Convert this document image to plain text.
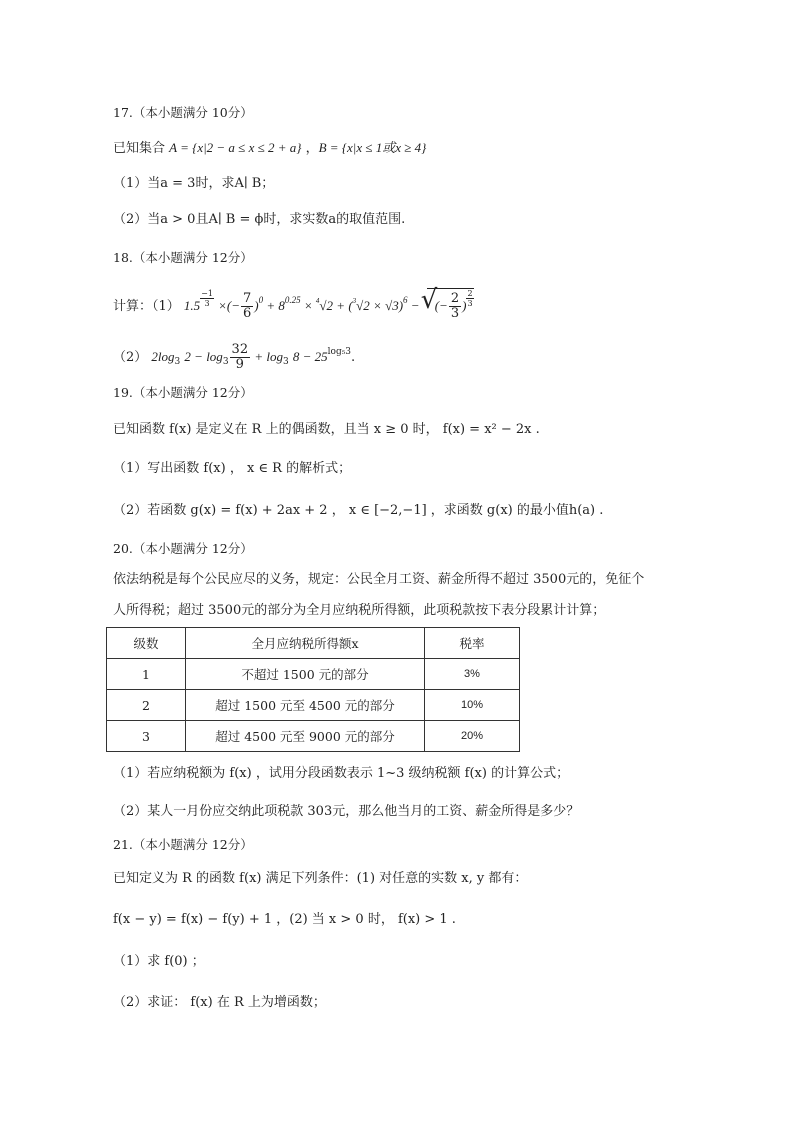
17.（本小题满分 10分）
已知集合 A = {x|2 − a ≤ x ≤ 2 + a} ，B = {x|x ≤ 1或x ≥ 4}
（1）当a = 3时，求A∣ B；
（2）当a > 0且A∣ B = ϕ时，求实数a的取值范围.
18.（本小题满分 12分）
计算：（1） $1.5 \frac{-1}{3}$ ×(− $\frac{7}{6} )^0 + 8^{0.25} \times ^4√2 + (^3√2 \times √3)^6$ − √ (− $\frac{2}{3}$ ) $\frac{2}{3}$
（2） $2\log_3$ $2 - \log_3 \frac{32}{9} + \log_3 8 - 25^{log_53}$.
19.（本小题满分 12分）
已知函数 f(x) 是定义在 R 上的偶函数，且当 x ≥ 0 时， f(x) = x² − 2x .
（1）写出函数 f(x) ， x ∈ R 的解析式；
（2）若函数 g(x) = f(x) + 2ax + 2 ， x ∈ [−2,−1] ，求函数 g(x) 的最小值h(a) .
20.（本小题满分 12分）
依法纳税是每个公民应尽的义务，规定：公民全月工资、薪金所得不超过 3500元的，免征个
人所得税；超过 3500元的部分为全月应纳税所得额，此项税款按下表分段累计计算；
级数	全月应纳税所得额x	税率
1	不超过 1500 元的部分	3%
2	超过 1500 元至 4500 元的部分	10%
3	超过 4500 元至 9000 元的部分	20%
（1）若应纳税额为 f(x) ，试用分段函数表示 1~3 级纳税额 f(x) 的计算公式；
（2）某人一月份应交纳此项税款 303元，那么他当月的工资、薪金所得是多少？
21.（本小题满分 12分）
已知定义为 R 的函数 f(x) 满足下列条件：(1) 对任意的实数 x, y 都有：
f(x − y) = f(x) − f(y) + 1 ，(2) 当 x > 0 时， f(x) > 1 .
（1）求 f(0) ；
（2）求证： f(x) 在 R 上为增函数；
